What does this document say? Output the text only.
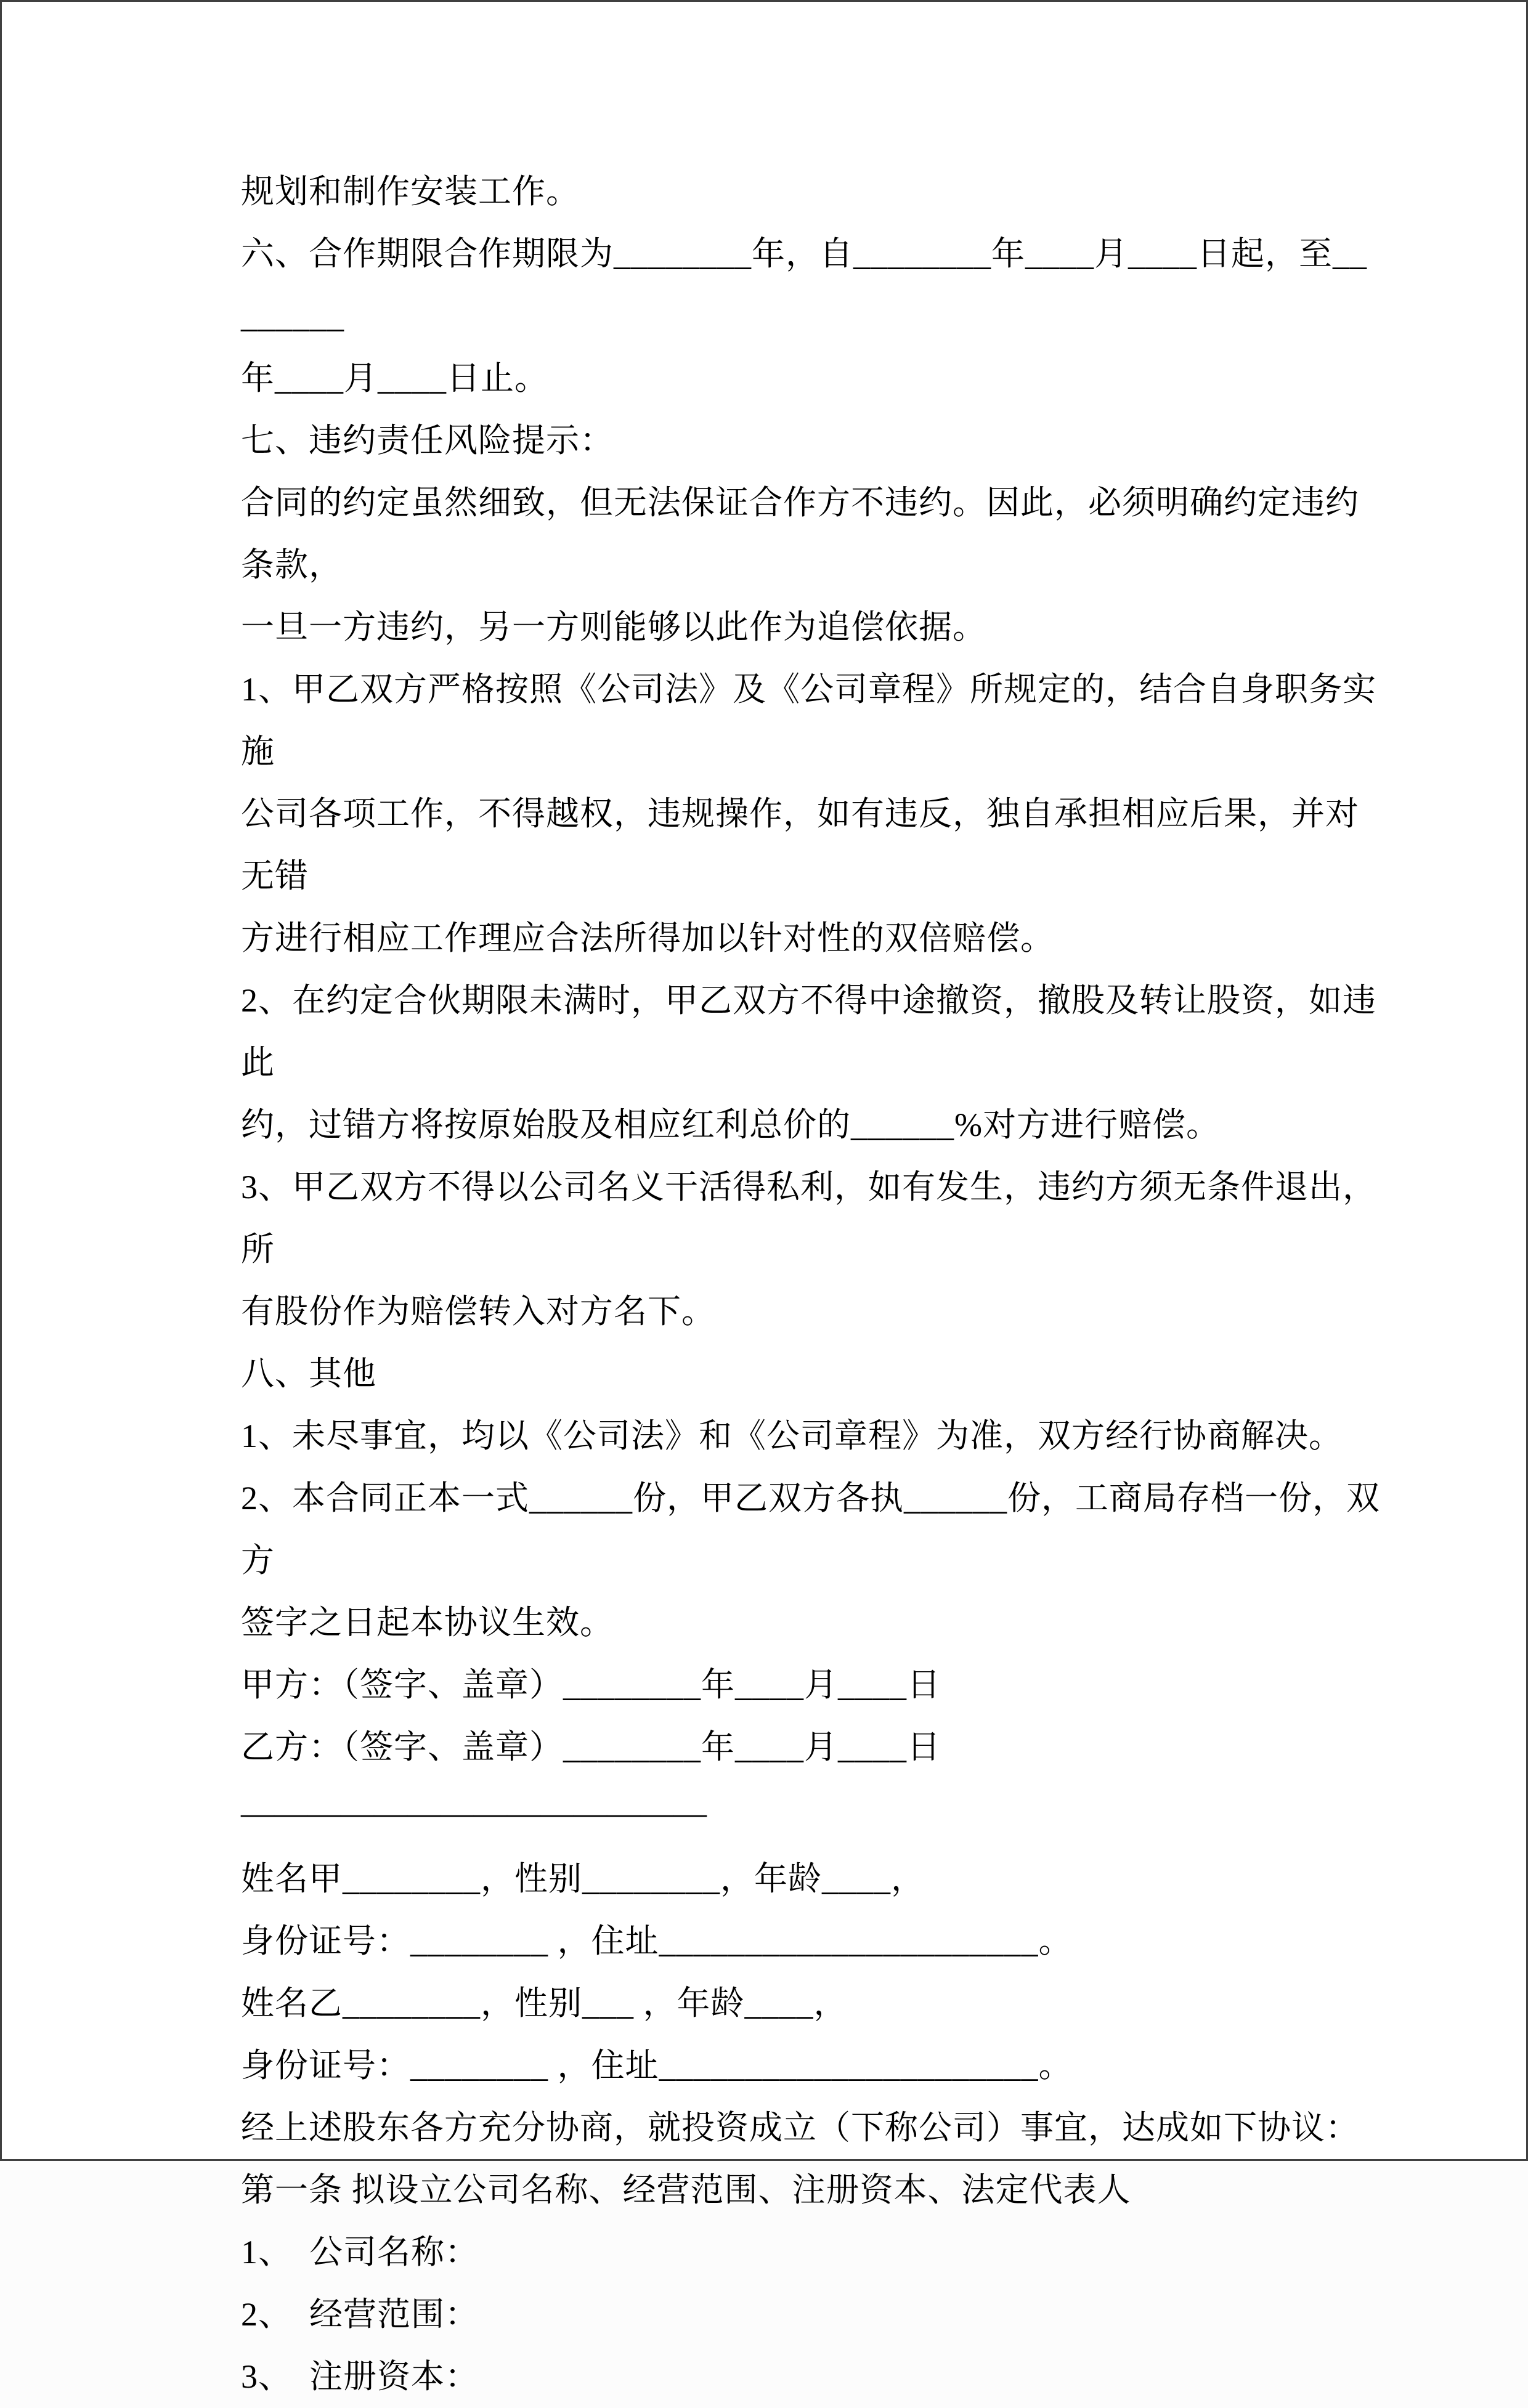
规划和制作安装工作。

六、合作期限合作期限为________年，自________年____月____日起，至________

年____月____日止。

七、违约责任风险提示：

合同的约定虽然细致，但无法保证合作方不违约。因此，必须明确约定违约条款，

一旦一方违约，另一方则能够以此作为追偿依据。

1、甲乙双方严格按照《公司法》及《公司章程》所规定的，结合自身职务实施

公司各项工作，不得越权，违规操作，如有违反，独自承担相应后果，并对无错

方进行相应工作理应合法所得加以针对性的双倍赔偿。

2、在约定合伙期限未满时，甲乙双方不得中途撤资，撤股及转让股资，如违此

约，过错方将按原始股及相应红利总价的______%对方进行赔偿。

3、甲乙双方不得以公司名义干活得私利，如有发生，违约方须无条件退出，所

有股份作为赔偿转入对方名下。

八、其他

1、未尽事宜，均以《公司法》和《公司章程》为准，双方经行协商解决。

2、本合同正本一式______份，甲乙双方各执______份，工商局存档一份，双方

签字之日起本协议生效。

甲方：（签字、盖章）________年____月____日

乙方：（签字、盖章）________年____月____日

——————————————

姓名甲________，性别________，年龄____，

身份证号：________ ，住址______________________。

姓名乙________，性别___ ，年龄____，

身份证号：________ ，住址______________________。

经上述股东各方充分协商，就投资成立（下称公司）事宜，达成如下协议：

第一条 拟设立公司名称、经营范围、注册资本、法定代表人

1、　公司名称：

2、　经营范围：

3、　注册资本：
